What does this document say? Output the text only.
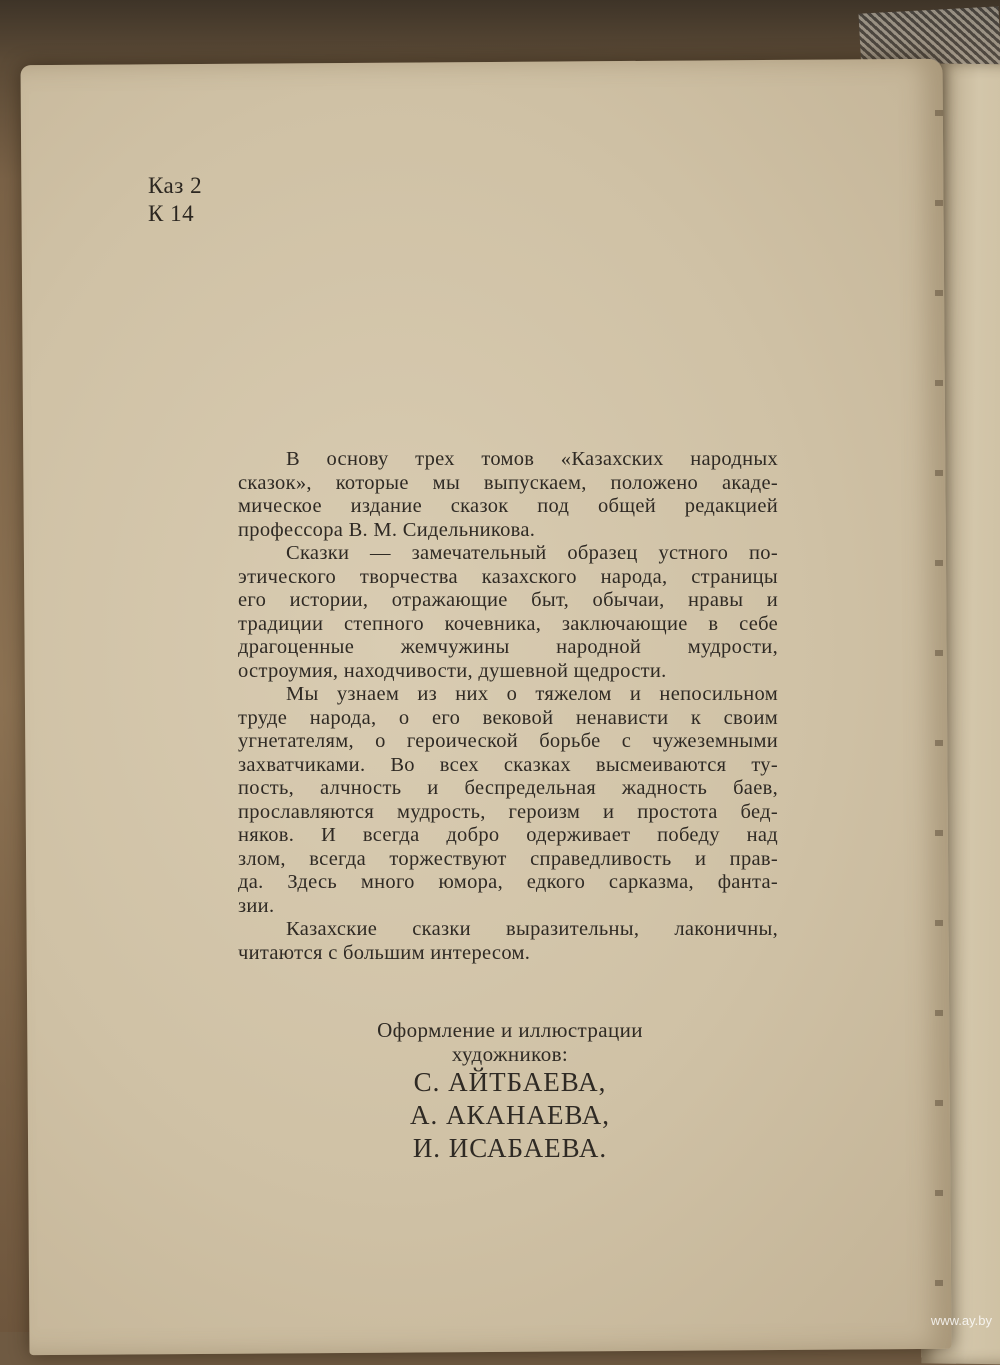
Каз 2
К 14
В основу трех томов «Казахских народных
сказок», которые мы выпускаем, положено акаде-
мическое издание сказок под общей редакцией
профессора В. М. Сидельникова.
Сказки — замечательный образец устного по-
этического творчества казахского народа, страницы
его истории, отражающие быт, обычаи, нравы и
традиции степного кочевника, заключающие в себе
драгоценные жемчужины народной мудрости,
остроумия, находчивости, душевной щедрости.
Мы узнаем из них о тяжелом и непосильном
труде народа, о его вековой ненависти к своим
угнетателям, о героической борьбе с чужеземными
захватчиками. Во всех сказках высмеиваются ту-
пость, алчность и беспредельная жадность баев,
прославляются мудрость, героизм и простота бед-
няков. И всегда добро одерживает победу над
злом, всегда торжествуют справедливость и прав-
да. Здесь много юмора, едкого сарказма, фанта-
зии.
Казахские сказки выразительны, лаконичны,
читаются с большим интересом.
Оформление и иллюстрации
художников:
С. АЙТБАЕВА,
А. АКАНАЕВА,
И. ИСАБАЕВА.
www.ay.by
